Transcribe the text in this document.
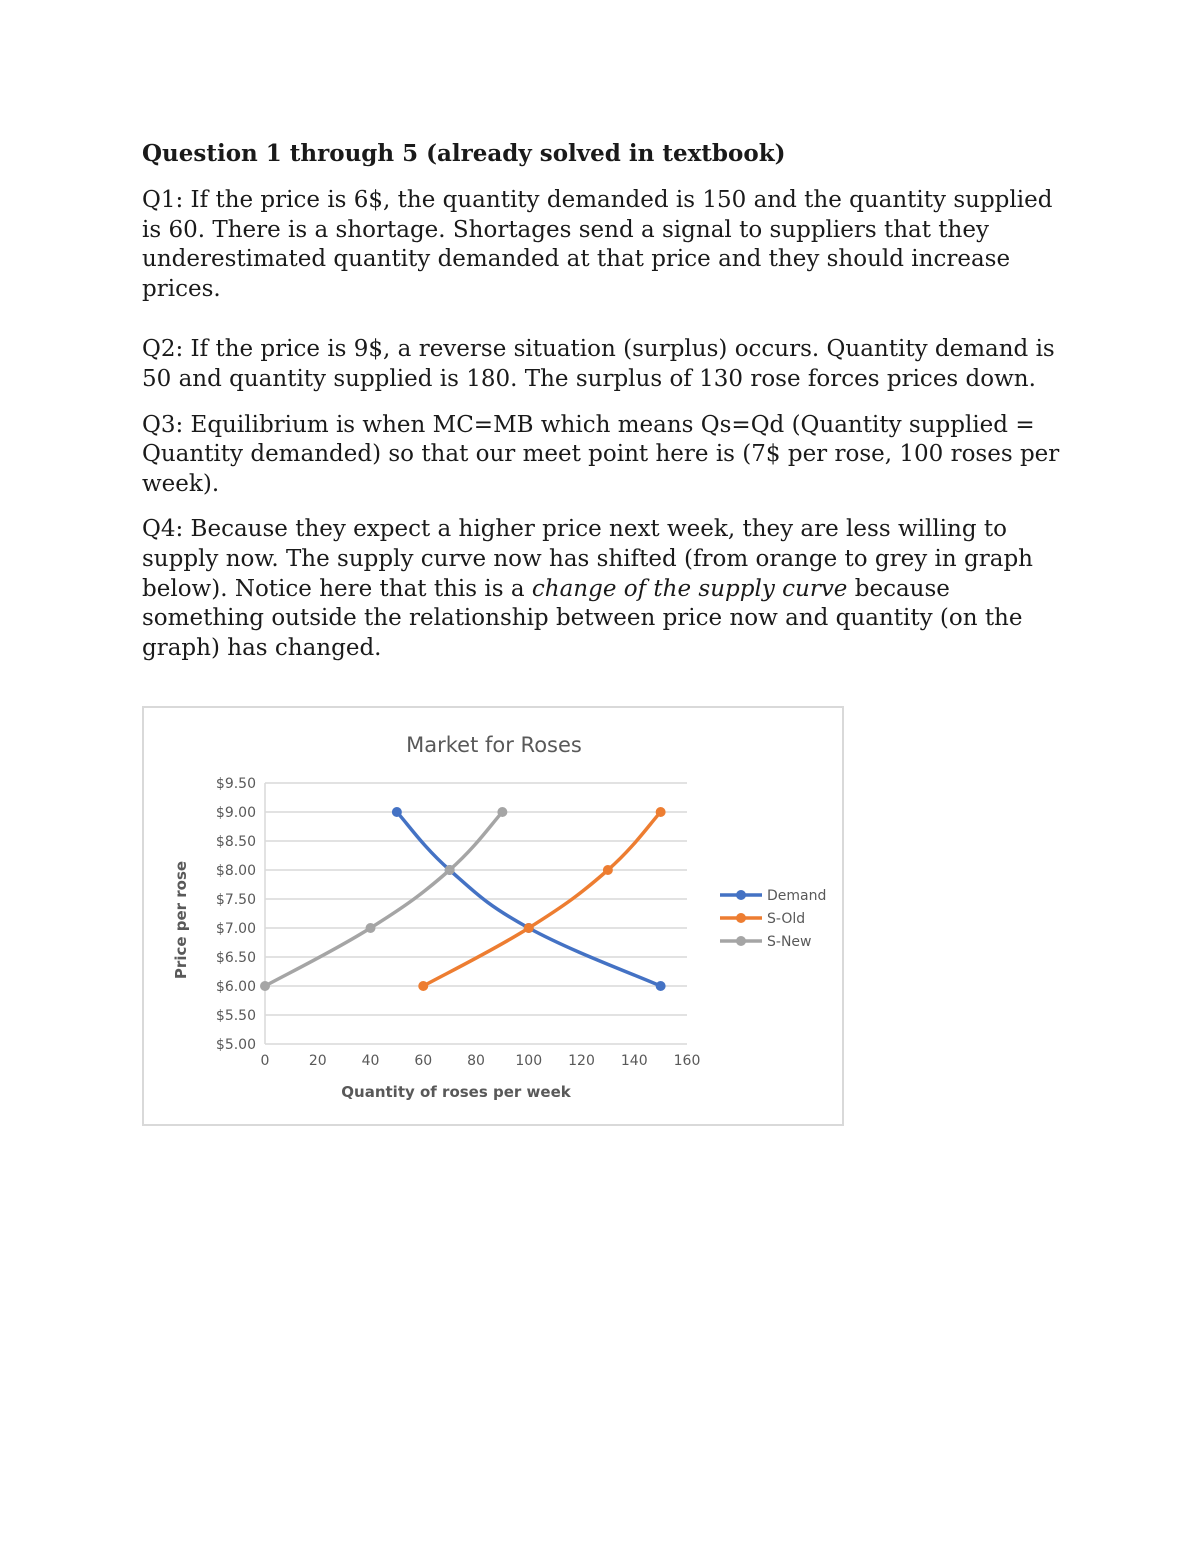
Question 1 through 5 (already solved in textbook)

Q1: If the price is 6$, the quantity demanded is 150 and the quantity supplied is 60. There is a shortage. Shortages send a signal to suppliers that they underestimated quantity demanded at that price and they should increase prices.

Q2: If the price is 9$, a reverse situation (surplus) occurs. Quantity demand is 50 and quantity supplied is 180. The surplus of 130 rose forces prices down.

Q3: Equilibrium is when MC=MB which means Qs=Qd (Quantity supplied = Quantity demanded) so that our meet point here is (7$ per rose, 100 roses per week).

Q4: Because they expect a higher price next week, they are less willing to supply now. The supply curve now has shifted (from orange to grey in graph below). Notice here that this is a change of the supply curve because something outside the relationship between price now and quantity (on the graph) has changed.

$5.00
$5.50
$6.00
$6.50
$7.00
$7.50
$8.00
$8.50
$9.00
$9.50
0	20 40 60 80 100 120 140 160
Market for Roses
Quantity of roses per week
Price per rose	Demand
S-Old
S-New
